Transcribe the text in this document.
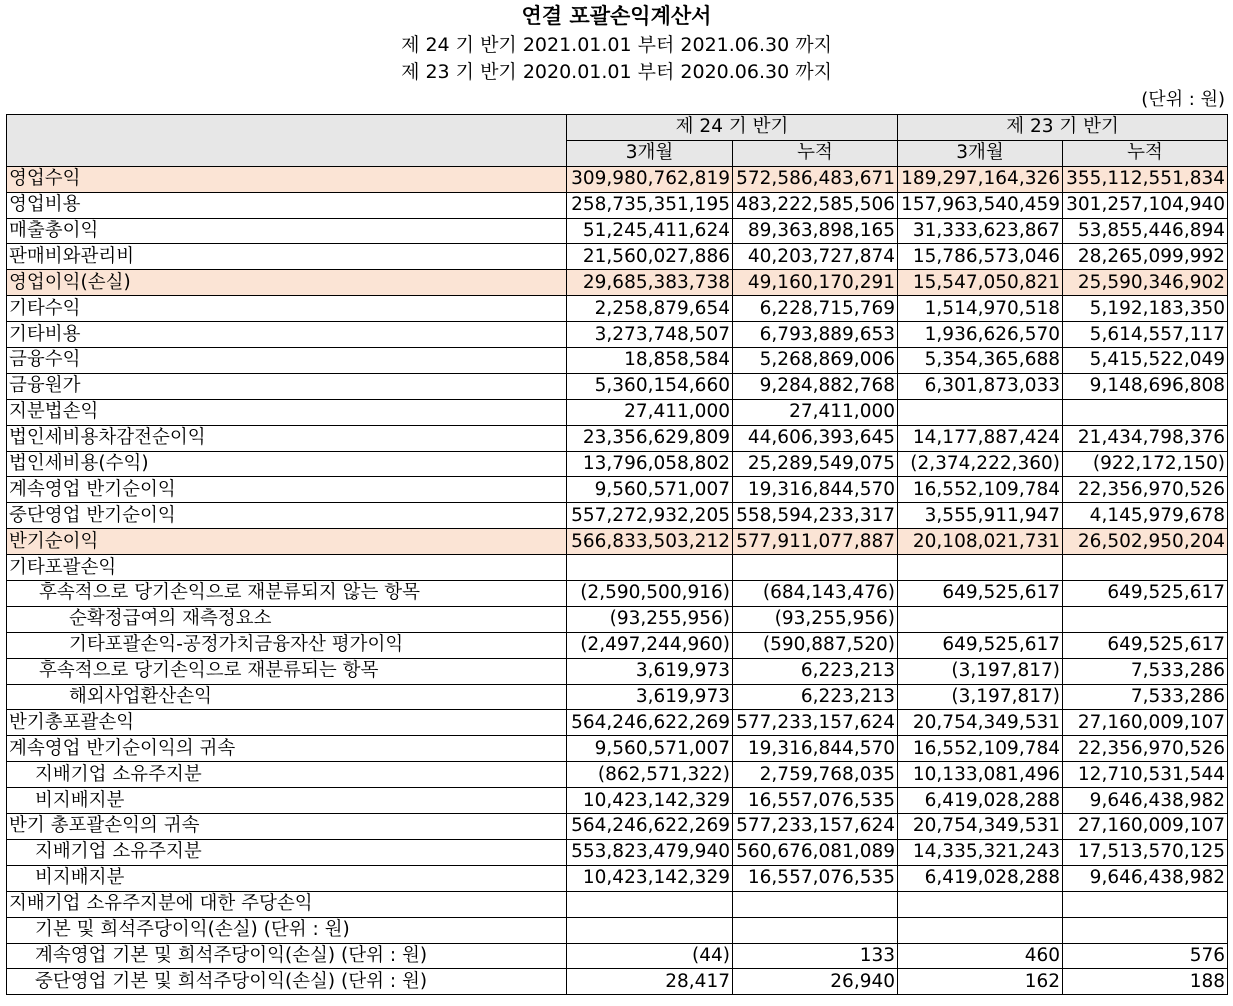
연결 포괄손익계산서
제 24 기 반기 2021.01.01 부터 2021.06.30 까지
제 23 기 반기 2020.01.01 부터 2020.06.30 까지
(단위 : 원)
	제 24 기 반기		제 23 기 반기	
	3개월	누적	3개월	누적
영업수익	309,980,762,819	572,586,483,671	189,297,164,326	355,112,551,834
영업비용	258,735,351,195	483,222,585,506	157,963,540,459	301,257,104,940
매출총이익	51,245,411,624	89,363,898,165	31,333,623,867	53,855,446,894
판매비와관리비	21,560,027,886	40,203,727,874	15,786,573,046	28,265,099,992
영업이익(손실)	29,685,383,738	49,160,170,291	15,547,050,821	25,590,346,902
기타수익	2,258,879,654	6,228,715,769	1,514,970,518	5,192,183,350
기타비용	3,273,748,507	6,793,889,653	1,936,626,570	5,614,557,117
금융수익	18,858,584	5,268,869,006	5,354,365,688	5,415,522,049
금융원가	5,360,154,660	9,284,882,768	6,301,873,033	9,148,696,808
지분법손익	27,411,000	27,411,000		
법인세비용차감전순이익	23,356,629,809	44,606,393,645	14,177,887,424	21,434,798,376
법인세비용(수익)	13,796,058,802	25,289,549,075	(2,374,222,360)	(922,172,150)
계속영업 반기순이익	9,560,571,007	19,316,844,570	16,552,109,784	22,356,970,526
중단영업 반기순이익	557,272,932,205	558,594,233,317	3,555,911,947	4,145,979,678
반기순이익	566,833,503,212	577,911,077,887	20,108,021,731	26,502,950,204
기타포괄손익				
후속적으로 당기손익으로 재분류되지 않는 항목	(2,590,500,916)	(684,143,476)	649,525,617	649,525,617
순확정급여의 재측정요소	(93,255,956)	(93,255,956)		
기타포괄손익-공정가치금융자산 평가이익	(2,497,244,960)	(590,887,520)	649,525,617	649,525,617
후속적으로 당기손익으로 재분류되는 항목	3,619,973	6,223,213	(3,197,817)	7,533,286
해외사업환산손익	3,619,973	6,223,213	(3,197,817)	7,533,286
반기총포괄손익	564,246,622,269	577,233,157,624	20,754,349,531	27,160,009,107
계속영업 반기순이익의 귀속	9,560,571,007	19,316,844,570	16,552,109,784	22,356,970,526
지배기업 소유주지분	(862,571,322)	2,759,768,035	10,133,081,496	12,710,531,544
비지배지분	10,423,142,329	16,557,076,535	6,419,028,288	9,646,438,982
반기 총포괄손익의 귀속	564,246,622,269	577,233,157,624	20,754,349,531	27,160,009,107
지배기업 소유주지분	553,823,479,940	560,676,081,089	14,335,321,243	17,513,570,125
비지배지분	10,423,142,329	16,557,076,535	6,419,028,288	9,646,438,982
지배기업 소유주지분에 대한 주당손익				
기본 및 희석주당이익(손실) (단위 : 원)				
계속영업 기본 및 희석주당이익(손실) (단위 : 원)	(44)	133	460	576
중단영업 기본 및 희석주당이익(손실) (단위 : 원)	28,417	26,940	162	188
